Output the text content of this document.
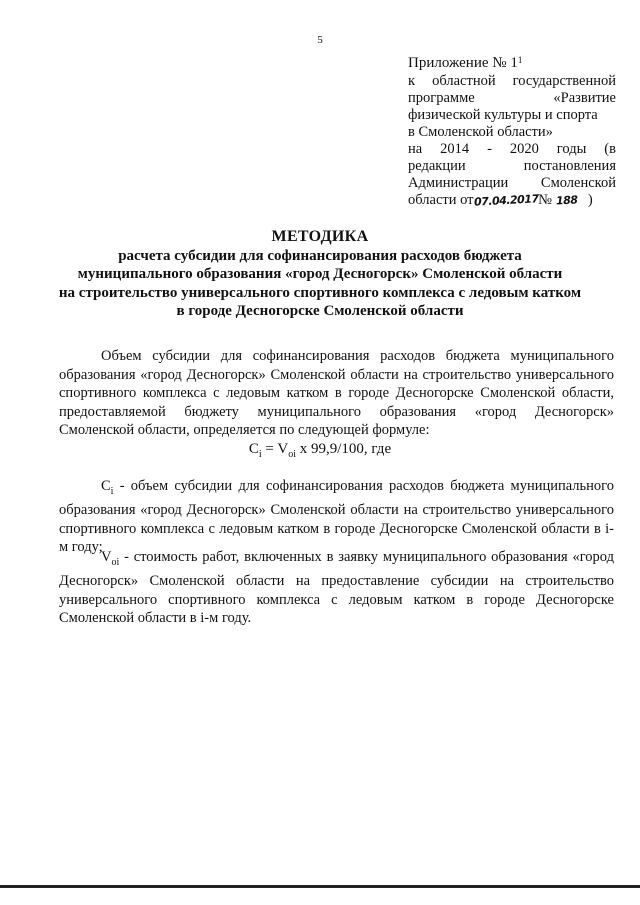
5
Приложение № $1^1$
к областной государственной
программе	«Развитие
физической культуры и спорта
в Смоленской области»
на 2014 - 2020 годы (в
редакции	постановления
Администрации Смоленской
области от 07.04.2017 №
188
)
МЕТОДИКА
расчета субсидии для софинансирования расходов бюджета
муниципального образования «город Десногорск» Смоленской области
на строительство универсального спортивного комплекса с ледовым катком
в городе Десногорске Смоленской области
Объем субсидии для софинансирования расходов бюджета муниципального образования «город Десногорск» Смоленской области на строительство универсального спортивного комплекса с ледовым катком в городе Десногорске Смоленской области, предоставляемой бюджету муниципального образования «город Десногорск» Смоленской области, определяется по следующей формуле:
$C_i = V_{oi}$ x 99,9/100, где
$C_i$ - объем субсидии для софинансирования расходов бюджета муниципального образования «город Десногорск» Смоленской области на строительство универсального спортивного комплекса с ледовым катком в городе Десногорске Смоленской области в i-м году;
$V_{oi}$ - стоимость работ, включенных в заявку муниципального образования «город Десногорск» Смоленской области на предоставление субсидии на строительство универсального спортивного комплекса с ледовым катком в городе Десногорске Смоленской области в i-м году.
